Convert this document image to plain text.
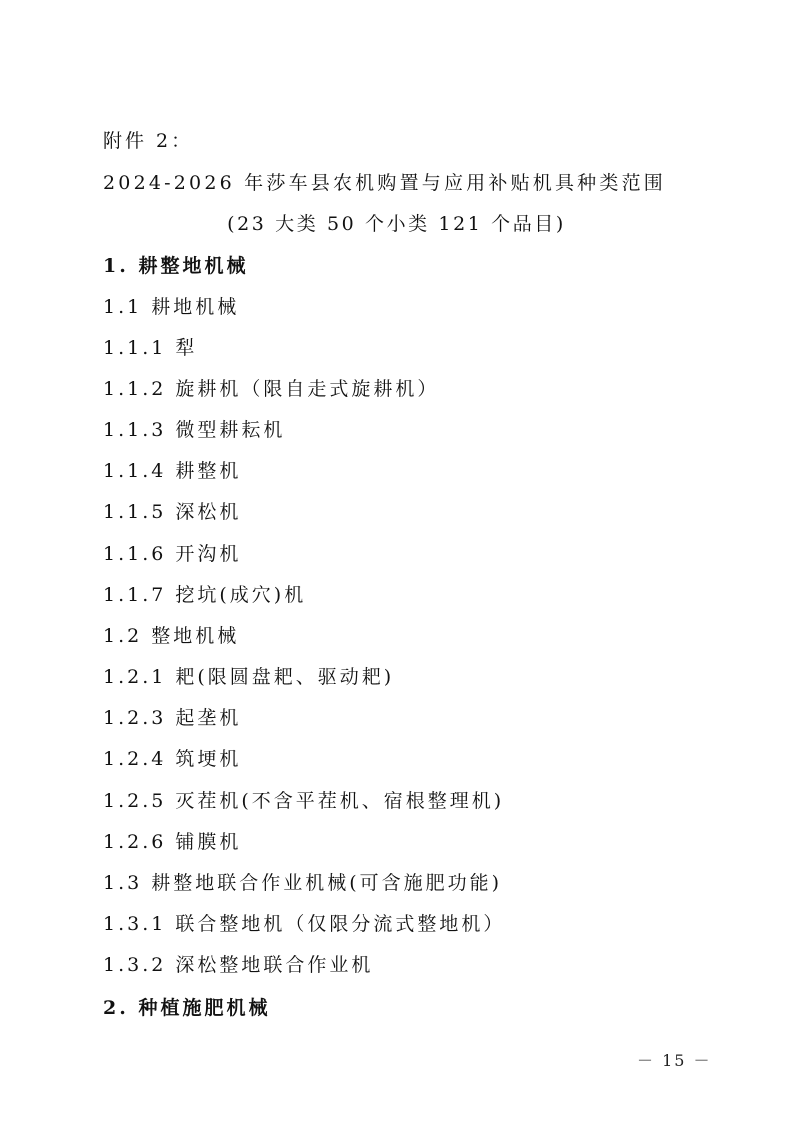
附件 2：
2024-2026 年莎车县农机购置与应用补贴机具种类范围
(23 大类 50 个小类 121 个品目)
1. 耕整地机械
1.1 耕地机械
1.1.1 犁
1.1.2 旋耕机（限自走式旋耕机）
1.1.3 微型耕耘机
1.1.4 耕整机
1.1.5 深松机
1.1.6 开沟机
1.1.7 挖坑(成穴)机
1.2 整地机械
1.2.1 耙(限圆盘耙、驱动耙)
1.2.3 起垄机
1.2.4 筑埂机
1.2.5 灭茬机(不含平茬机、宿根整理机)
1.2.6 铺膜机
1.3 耕整地联合作业机械(可含施肥功能)
1.3.1 联合整地机（仅限分流式整地机）
1.3.2 深松整地联合作业机
2. 种植施肥机械
－ 15 －
